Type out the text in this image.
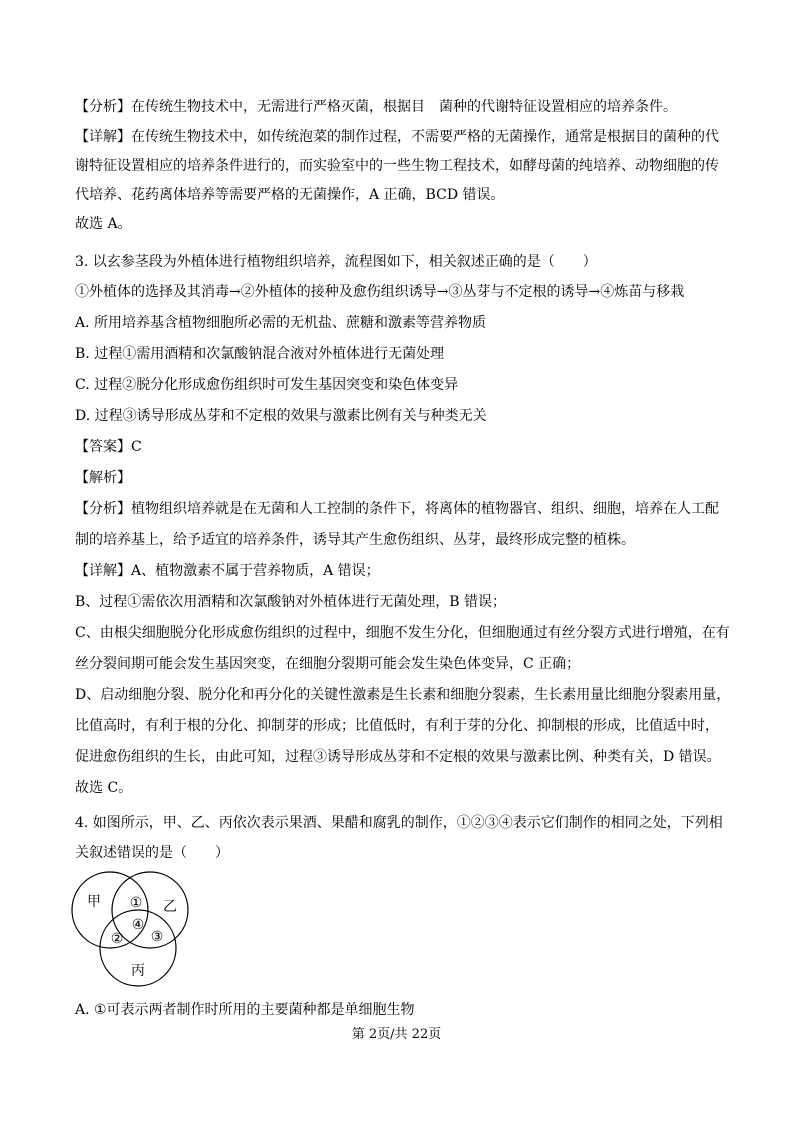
【分析】在传统生物技术中，无需进行严格灭菌，根据目　菌种的代谢特征设置相应的培养条件。
【详解】在传统生物技术中，如传统泡菜的制作过程，不需要严格的无菌操作，通常是根据目的菌种的代
谢特征设置相应的培养条件进行的，而实验室中的一些生物工程技术，如酵母菌的纯培养、动物细胞的传
代培养、花药离体培养等需要严格的无菌操作，A 正确，BCD 错误。
故选 A。
3. 以玄参茎段为外植体进行植物组织培养，流程图如下，相关叙述正确的是（　　）
①外植体的选择及其消毒→②外植体的接种及愈伤组织诱导→③丛芽与不定根的诱导→④炼苗与移栽
A. 所用培养基含植物细胞所必需的无机盐、蔗糖和激素等营养物质
B. 过程①需用酒精和次氯酸钠混合液对外植体进行无菌处理
C. 过程②脱分化形成愈伤组织时可发生基因突变和染色体变异
D. 过程③诱导形成丛芽和不定根的效果与激素比例有关与种类无关
【答案】C
【解析】
【分析】植物组织培养就是在无菌和人工控制的条件下，将离体的植物器官、组织、细胞，培养在人工配
制的培养基上，给予适宜的培养条件，诱导其产生愈伤组织、丛芽，最终形成完整的植株。
【详解】A、植物激素不属于营养物质，A 错误；
B、过程①需依次用酒精和次氯酸钠对外植体进行无菌处理，B 错误；
C、由根尖细胞脱分化形成愈伤组织的过程中，细胞不发生分化，但细胞通过有丝分裂方式进行增殖，在有
丝分裂间期可能会发生基因突变，在细胞分裂期可能会发生染色体变异，C 正确；
D、启动细胞分裂、脱分化和再分化的关键性激素是生长素和细胞分裂素，生长素用量比细胞分裂素用量，
比值高时，有利于根的分化、抑制芽的形成；比值低时，有利于芽的分化、抑制根的形成，比值适中时，
促进愈伤组织的生长，由此可知，过程③诱导形成丛芽和不定根的效果与激素比例、种类有关，D 错误。
故选 C。
4. 如图所示，甲、乙、丙依次表示果酒、果醋和腐乳的制作，①②③④表示它们制作的相同之处，下列相
关叙述错误的是（　　）
甲	乙
丙
①
② ③
④
A. ①可表示两者制作时所用的主要菌种都是单细胞生物
第 2页/共 22页
